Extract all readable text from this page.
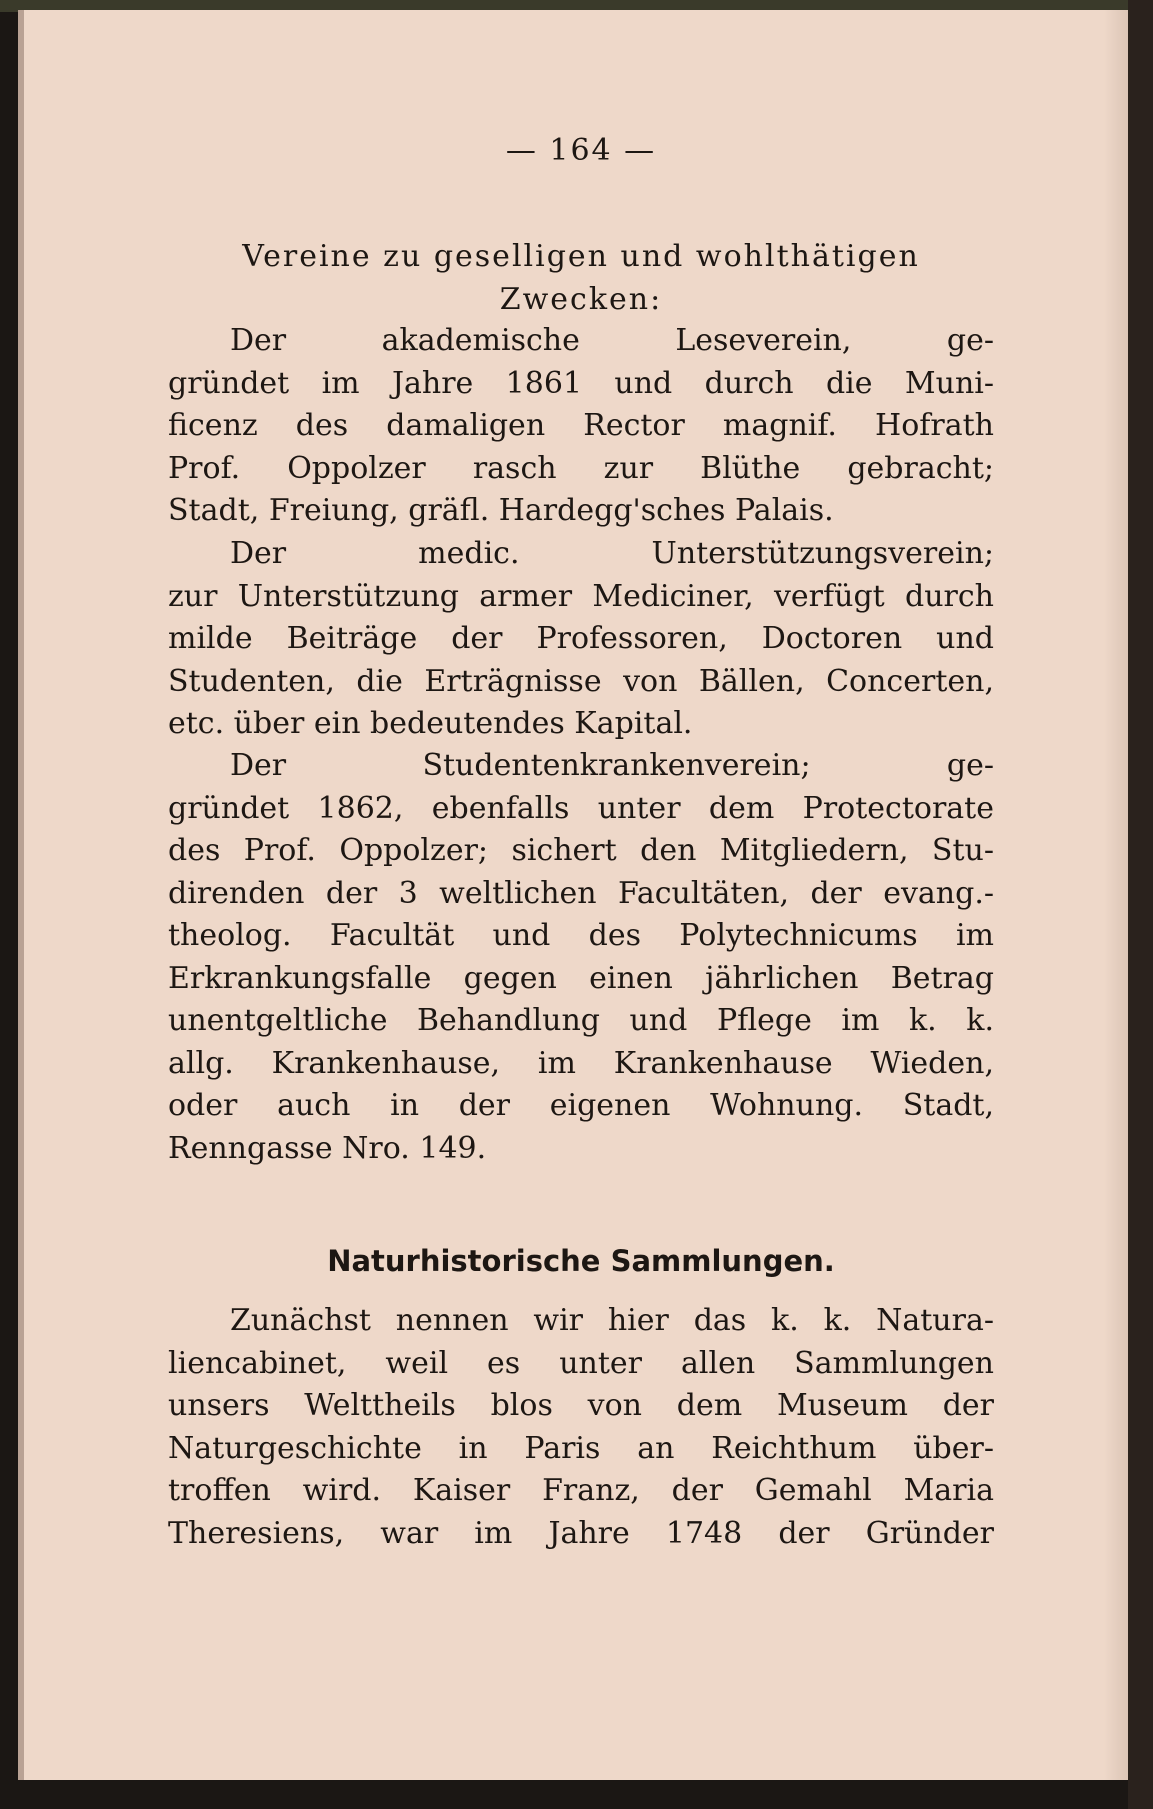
— 164 —
Vereine zu geselligen und wohlthätigen
Zwecken:
Der akademische Leseverein, ge-
gründet im Jahre 1861 und durch die Muni-
ficenz des damaligen Rector magnif. Hofrath
Prof. Oppolzer rasch zur Blüthe gebracht;
Stadt, Freiung, gräfl. Hardegg'sches Palais.
Der medic. Unterstützungsverein;
zur Unterstützung armer Mediciner, verfügt durch
milde Beiträge der Professoren, Doctoren und
Studenten, die Erträgnisse von Bällen, Concerten,
etc. über ein bedeutendes Kapital.
Der Studentenkrankenverein; ge-
gründet 1862, ebenfalls unter dem Protectorate
des Prof. Oppolzer; sichert den Mitgliedern, Stu-
direnden der 3 weltlichen Facultäten, der evang.-
theolog. Facultät und des Polytechnicums im
Erkrankungsfalle gegen einen jährlichen Betrag
unentgeltliche Behandlung und Pflege im k. k.
allg. Krankenhause, im Krankenhause Wieden,
oder auch in der eigenen Wohnung. Stadt,
Renngasse Nro. 149.
Naturhistorische Sammlungen.
Zunächst nennen wir hier das k. k. Natura-
liencabinet, weil es unter allen Sammlungen
unsers Welttheils blos von dem Museum der
Naturgeschichte in Paris an Reichthum über-
troffen wird. Kaiser Franz, der Gemahl Maria
Theresiens, war im Jahre 1748 der Gründer
